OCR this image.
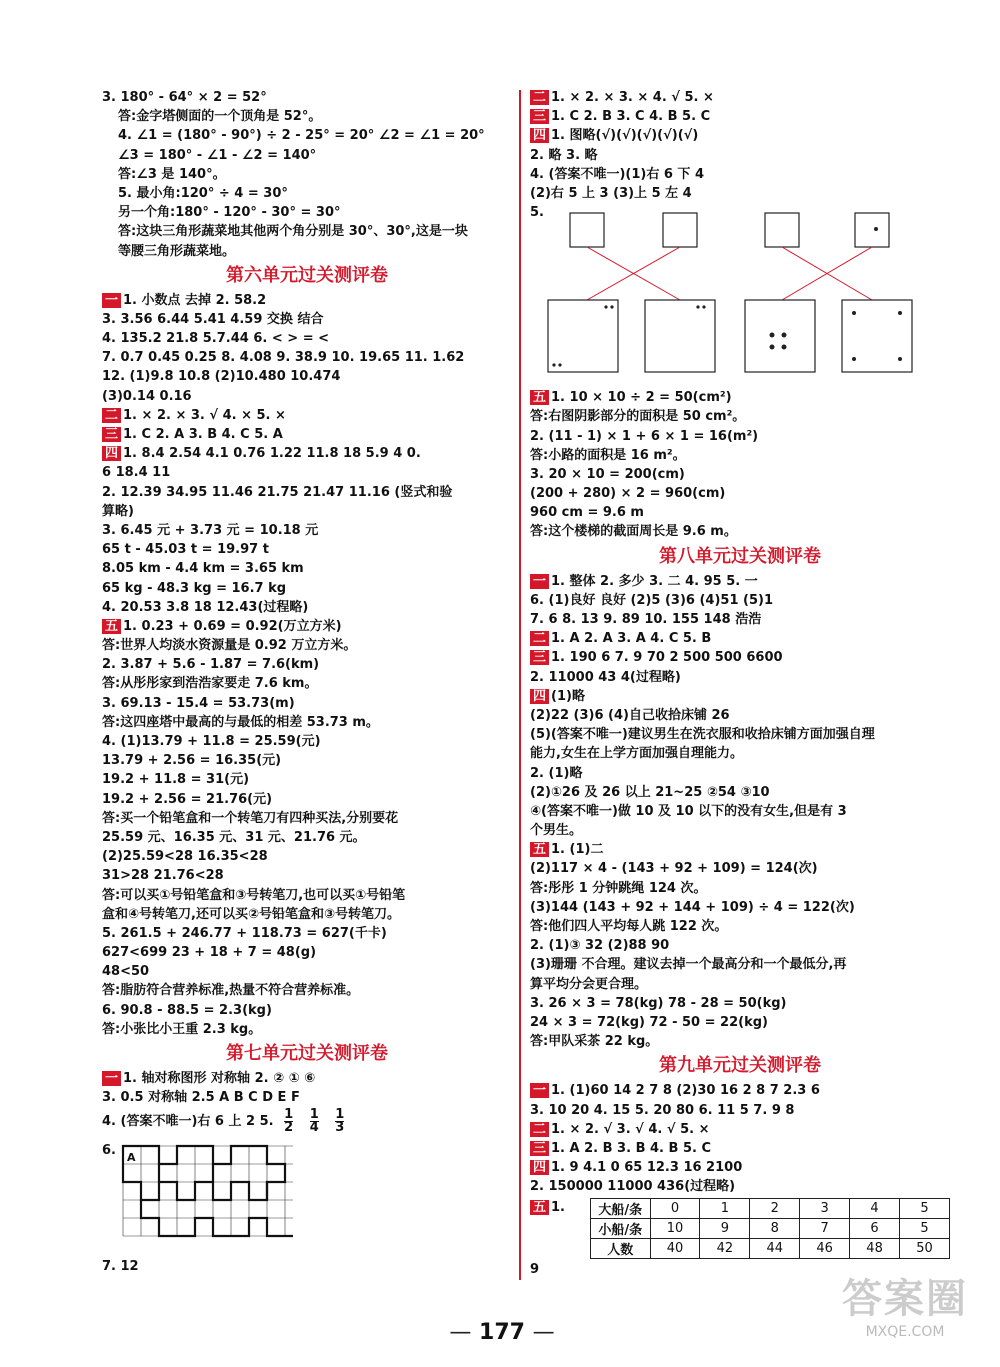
3. 180° - 64° × 2 = 52°
答:金字塔侧面的一个顶角是 52°。
4. ∠1 = (180° - 90°) ÷ 2 - 25° = 20° ∠2 = ∠1 = 20°
∠3 = 180° - ∠1 - ∠2 = 140°
答:∠3 是 140°。
5. 最小角:120° ÷ 4 = 30°
另一个角:180° - 120° - 30° = 30°
答:这块三角形蔬菜地其他两个角分别是 30°、30°,这是一块
等腰三角形蔬菜地。
第六单元过关测评卷
一 1. 小数点 去掉 2. 58.2
3. 3.56 6.44 5.41 4.59 交换 结合
4. 135.2 21.8 5.7.44 6. < > = <
7. 0.7 0.45 0.25 8. 4.08 9. 38.9 10. 19.65 11. 1.62
12. (1)9.8 10.8 (2)10.480 10.474
(3)0.14 0.16
二 1. × 2. × 3. √ 4. × 5. ×
三 1. C 2. A 3. B 4. C 5. A
四 1. 8.4 2.54 4.1 0.76 1.22 11.8 18 5.9 4 0.
6 18.4 11
2. 12.39 34.95 11.46 21.75 21.47 11.16 (竖式和验
算略)
3. 6.45 元 + 3.73 元 = 10.18 元
65 t - 45.03 t = 19.97 t
8.05 km - 4.4 km = 3.65 km
65 kg - 48.3 kg = 16.7 kg
4. 20.53 3.8 18 12.43(过程略)
五 1. 0.23 + 0.69 = 0.92(万立方米)
答:世界人均淡水资源量是 0.92 万立方米。
2. 3.87 + 5.6 - 1.87 = 7.6(km)
答:从彤彤家到浩浩家要走 7.6 km。
3. 69.13 - 15.4 = 53.73(m)
答:这四座塔中最高的与最低的相差 53.73 m。
4. (1)13.79 + 11.8 = 25.59(元)
13.79 + 2.56 = 16.35(元)
19.2 + 11.8 = 31(元)
19.2 + 2.56 = 21.76(元)
答:买一个铅笔盒和一个转笔刀有四种买法,分别要花
25.59 元、16.35 元、31 元、21.76 元。
(2)25.59<28 16.35<28
31>28 21.76<28
答:可以买①号铅笔盒和③号转笔刀,也可以买①号铅笔
盒和④号转笔刀,还可以买②号铅笔盒和③号转笔刀。
5. 261.5 + 246.77 + 118.73 = 627(千卡)
627<699 23 + 18 + 7 = 48(g)
48<50
答:脂肪符合营养标准,热量不符合营养标准。
6. 90.8 - 88.5 = 2.3(kg)
答:小张比小王重 2.3 kg。
第七单元过关测评卷
一 1. 轴对称图形 对称轴 2. ② ① ⑥
3. 0.5 对称轴 2.5 A B C D E F
4. (答案不唯一)右 6 上 2 5. $\frac{1}{2}$
$\frac{1}{4}$
$\frac{1}{3}$
6. A
7. 12
二 1. × 2. × 3. × 4. √ 5. ×
三 1. C 2. B 3. C 4. B 5. C
四 1. 图略(√)(√)(√)(√)(√)
2. 略 3. 略
4. (答案不唯一)(1)右 6 下 4
(2)右 5 上 3 (3)上 5 左 4
5.
五 1. 10 × 10 ÷ 2 = 50(cm²)
答:右图阴影部分的面积是 50 cm²。
2. (11 - 1) × 1 + 6 × 1 = 16(m²)
答:小路的面积是 16 m²。
3. 20 × 10 = 200(cm)
(200 + 280) × 2 = 960(cm)
960 cm = 9.6 m
答:这个楼梯的截面周长是 9.6 m。
第八单元过关测评卷
一 1. 整体 2. 多少 3. 二 4. 95 5. 一
6. (1)良好 良好 (2)5 (3)6 (4)51 (5)1
7. 6 8. 13 9. 89 10. 155 148 浩浩
二 1. A 2. A 3. A 4. C 5. B
三 1. 190 6 7. 9 70 2 500 500 6600
2. 11000 43 4(过程略)
四 (1)略
(2)22 (3)6 (4)自己收拾床铺 26
(5)(答案不唯一)建议男生在洗衣服和收拾床铺方面加强自理
能力,女生在上学方面加强自理能力。
2. (1)略
(2)①26 及 26 以上 21~25 ②54 ③10
④(答案不唯一)做 10 及 10 以下的没有女生,但是有 3
个男生。
五 1. (1)二
(2)117 × 4 - (143 + 92 + 109) = 124(次)
答:彤彤 1 分钟跳绳 124 次。
(3)144 (143 + 92 + 144 + 109) ÷ 4 = 122(次)
答:他们四人平均每人跳 122 次。
2. (1)③ 32 (2)88 90
(3)珊珊 不合理。建议去掉一个最高分和一个最低分,再
算平均分会更合理。
3. 26 × 3 = 78(kg) 78 - 28 = 50(kg)
24 × 3 = 72(kg) 72 - 50 = 22(kg)
答:甲队采茶 22 kg。
第九单元过关测评卷
一 1. (1)60 14 2 7 8 (2)30 16 2 8 7 2.3 6
3. 10 20 4. 15 5. 20 80 6. 11 5 7. 9 8
二 1. × 2. √ 3. √ 4. √ 5. ×
三 1. A 2. B 3. B 4. B 5. C
四 1. 9 4.1 0 65 12.3 16 2100
2. 150000 11000 436(过程略)
五 1.	大船/条	0	1	2	3	4	5
小船/条	10	9	8	7	6	5
人数	40	42	44	46	48	50
9
— 177 —
答案圈
MXQE.COM
